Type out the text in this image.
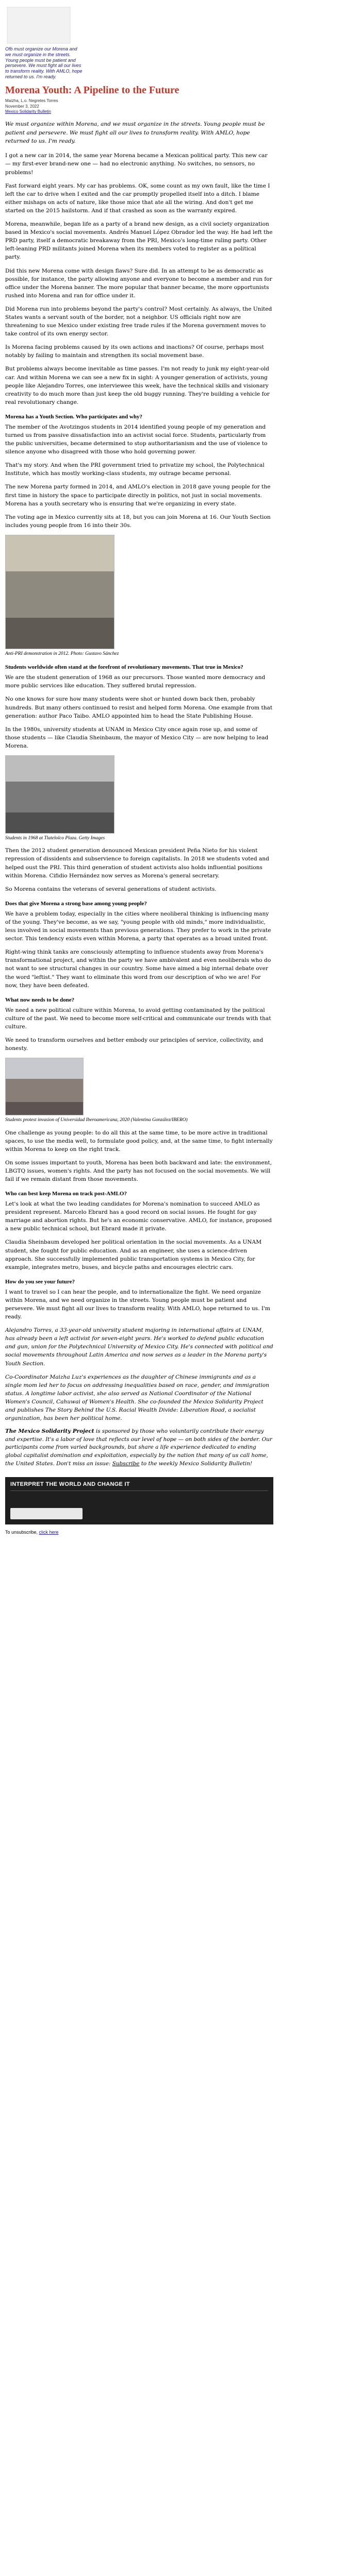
Ofb must organize our Morena and we must organize in the streets. Young people must be patient and persevere. We must fight all our lives to transform reality. With AMLO, hope returned to us. I'm ready.
Morena Youth: A Pipeline to the Future
Maizha, L.o. Negretes Torres
November 3, 2022
Mexico Solidarity Bulletin

We must organize within Morena, and we must organize in the streets. Young people must be patient and persevere. We must fight all our lives to transform reality. With AMLO, hope returned to us. I'm ready.

I got a new car in 2014, the same year Morena became a Mexican political party. This new car — my first-ever brand-new one — had no electronic anything. No switches, no sensors, no problems!

Fast forward eight years. My car has problems. OK, some count as my own fault, like the time I left the car to drive when I exited and the car promptly propelled itself into a ditch. I blame either mishaps on acts of nature, like those mice that ate all the wiring. And don't get me started on the 2015 hailstorm. And if that crashed as soon as the warranty expired.

Morena, meanwhile, began life as a party of a brand new design, as a civil society organization based in Mexico's social movements. Andrés Manuel López Obrador led the way. He had left the PRD party, itself a democratic breakaway from the PRI, Mexico's long-time ruling party. Other left-leaning PRD militants joined Morena when its members voted to register as a political party.

Did this new Morena come with design flaws? Sure did. In an attempt to be as democratic as possible, for instance, the party allowing anyone and everyone to become a member and run for office under the Morena banner. The more popular that banner became, the more opportunists rushed into Morena and ran for office under it.

Did Morena run into problems beyond the party's control? Most certainly. As always, the United States wants a servant south of the border, not a neighbor. US officials right now are threatening to sue Mexico under existing free trade rules if the Morena government moves to take control of its own energy sector.

Is Morena facing problems caused by its own actions and inactions? Of course, perhaps most notably by failing to maintain and strengthen its social movement base.

But problems always become inevitable as time passes. I'm not ready to junk my eight-year-old car. And within Morena we can see a new fix in sight: A younger generation of activists, young people like Alejandro Torres, one interviewee this week, have the technical skills and visionary creativity to do much more than just keep the old buggy running. They're building a vehicle for real revolutionary change.

Morena has a Youth Section. Who participates and why?

The member of the Avotzingos students in 2014 identified young people of my generation and turned us from passive dissatisfaction into an activist social force. Students, particularly from the public universities, became determined to stop authoritarianism and the use of violence to silence anyone who disagreed with those who hold governing power.

That's my story. And when the PRI government tried to privatize my school, the Polytechnical Institute, which has mostly working-class students, my outrage became personal.

The new Morena party formed in 2014, and AMLO's election in 2018 gave young people for the first time in history the space to participate directly in politics, not just in social movements. Morena has a youth secretary who is ensuring that we're organizing in every state.

The voting age in Mexico currently sits at 18, but you can join Morena at 16. Our Youth Section includes young people from 16 into their 30s.

Anti-PRI demonstration in 2012. Photo: Gustavo Sánchez
Students worldwide often stand at the forefront of revolutionary movements. That true in Mexico?

We are the student generation of 1968 as our precursors. Those wanted more democracy and more public services like education. They suffered brutal repression.

No one knows for sure how many students were shot or hunted down back then, probably hundreds. But many others continued to resist and helped form Morena. One example from that generation: author Paco Taibo. AMLO appointed him to head the State Publishing House.

In the 1980s, university students at UNAM in Mexico City once again rose up, and some of those students — like Claudia Sheinbaum, the mayor of Mexico City — are now helping to lead Morena.

Students in 1968 at Tlatelolco Plaza. Getty Images

Then the 2012 student generation denounced Mexican president Peña Nieto for his violent repression of dissidents and subservience to foreign capitalists. In 2018 we students voted and helped oust the PRI. This third generation of student activists also holds influential positions within Morena. Cifidio Hernández now serves as Morena's general secretary.

So Morena contains the veterans of several generations of student activists.

Does that give Morena a strong base among young people?

We have a problem today, especially in the cities where neoliberal thinking is influencing many of the young. They've become, as we say, "young people with old minds," more individualistic, less involved in social movements than previous generations. They prefer to work in the private sector. This tendency exists even within Morena, a party that operates as a broad united front.

Right-wing think tanks are consciously attempting to influence students away from Morena's transformational project, and within the party we have ambivalent and even neoliberals who do not want to see structural changes in our country. Some have aimed a big internal debate over the word "leftist." They want to eliminate this word from our description of who we are! For now, they have been defeated.

What now needs to be done?

We need a new political culture within Morena, to avoid getting contaminated by the political culture of the past. We need to become more self-critical and communicate our trends with that culture.

We need to transform ourselves and better embody our principles of service, collectivity, and honesty.

Students protest invasion of Universidad Iberoamericana, 2020 (Valentina González/IBERO)

One challenge as young people: to do all this at the same time, to be more active in traditional spaces, to use the media well, to formulate good policy, and, at the same time, to fight internally within Morena to keep on the right track.

On some issues important to youth, Morena has been both backward and late: the environment, LBGTQ issues, women's rights. And the party has not focused on the social movements. We will fail if we remain distant from those movements.

Who can best keep Morena on track post-AMLO?

Let's look at what the two leading candidates for Morena's nomination to succeed AMLO as president represent. Marcelo Ebrard has a good record on social issues. He fought for gay marriage and abortion rights. But he's an economic conservative. AMLO, for instance, proposed a new public technical school, but Ebrard made it private.

Claudia Sheinbaum developed her political orientation in the social movements. As a UNAM student, she fought for public education. And as an engineer, she uses a science-driven approach. She successfully implemented public transportation systems in Mexico City, for example, integrates metro, buses, and bicycle paths and encourages electric cars.

How do you see your future?

I want to travel so I can hear the people, and to internationalize the fight. We need organize within Morena, and we need organize in the streets. Young people must be patient and persevere. We must fight all our lives to transform reality. With AMLO, hope returned to us. I'm ready.

Alejandro Torres, a 33-year-old university student majoring in international affairs at UNAM, has already been a left activist for seven-eight years. He's worked to defend public education and gun, union for the Polytechnical University of Mexico City. He's connected with political and social movements throughout Latin America and now serves as a leader in the Morena party's Youth Section.

Co-Coordinator Maizha Luz's experiences as the daughter of Chinese immigrants and as a single mom led her to focus on addressing inequalities based on race, gender, and immigration status. A longtime labor activist, she also served as National Coordinator of the National Women's Council, Cahuwai of Women's Health. She co-founded the Mexico Solidarity Project and publishes The Story Behind the U.S. Racial Wealth Divide: Liberation Road, a socialist organization, has been her political home.

The Mexico Solidarity Project is sponsored by those who voluntarily contribute their energy and expertise. It's a labor of love that reflects our level of hope — on both sides of the border. Our participants come from varied backgrounds, but share a life experience dedicated to ending global capitalist domination and exploitation, especially by the nation that many of us call home, the United States. Don't miss an issue: Subscribe to the weekly Mexico Solidarity Bulletin!

INTERPRET THE WORLD AND CHANGE IT
To unsubscribe, click here
